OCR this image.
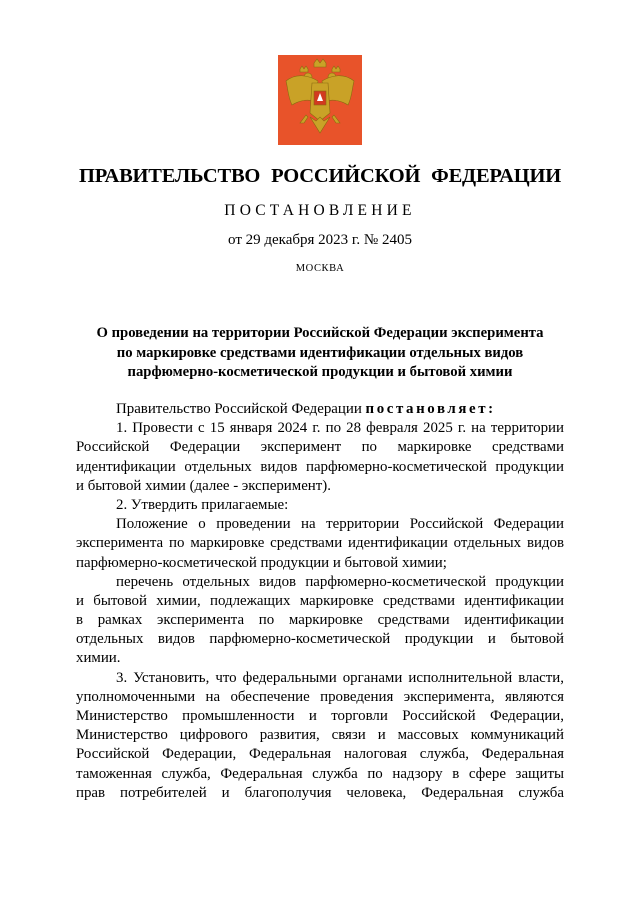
ПРАВИТЕЛЬСТВО РОССИЙСКОЙ ФЕДЕРАЦИИ
ПОСТАНОВЛЕНИЕ
от 29 декабря 2023 г. № 2405
МОСКВА
О проведении на территории Российской Федерации эксперимента
по маркировке средствами идентификации отдельных видов
парфюмерно-косметической продукции и бытовой химии
Правительство Российской Федерации постановляет:
1. Провести с 15 января 2024 г. по 28 февраля 2025 г. на территории
Российской Федерации эксперимент по маркировке средствами
идентификации отдельных видов парфюмерно-косметической продукции
и бытовой химии (далее - эксперимент).
2. Утвердить прилагаемые:
Положение о проведении на территории Российской Федерации
эксперимента по маркировке средствами идентификации отдельных видов
парфюмерно-косметической продукции и бытовой химии;
перечень отдельных видов парфюмерно-косметической продукции
и бытовой химии, подлежащих маркировке средствами идентификации
в рамках эксперимента по маркировке средствами идентификации
отдельных видов парфюмерно-косметической продукции и бытовой
химии.
3. Установить, что федеральными органами исполнительной власти,
уполномоченными на обеспечение проведения эксперимента, являются
Министерство промышленности и торговли Российской Федерации,
Министерство цифрового развития, связи и массовых коммуникаций
Российской Федерации, Федеральная налоговая служба, Федеральная
таможенная служба, Федеральная служба по надзору в сфере защиты
прав потребителей и благополучия человека, Федеральная служба
